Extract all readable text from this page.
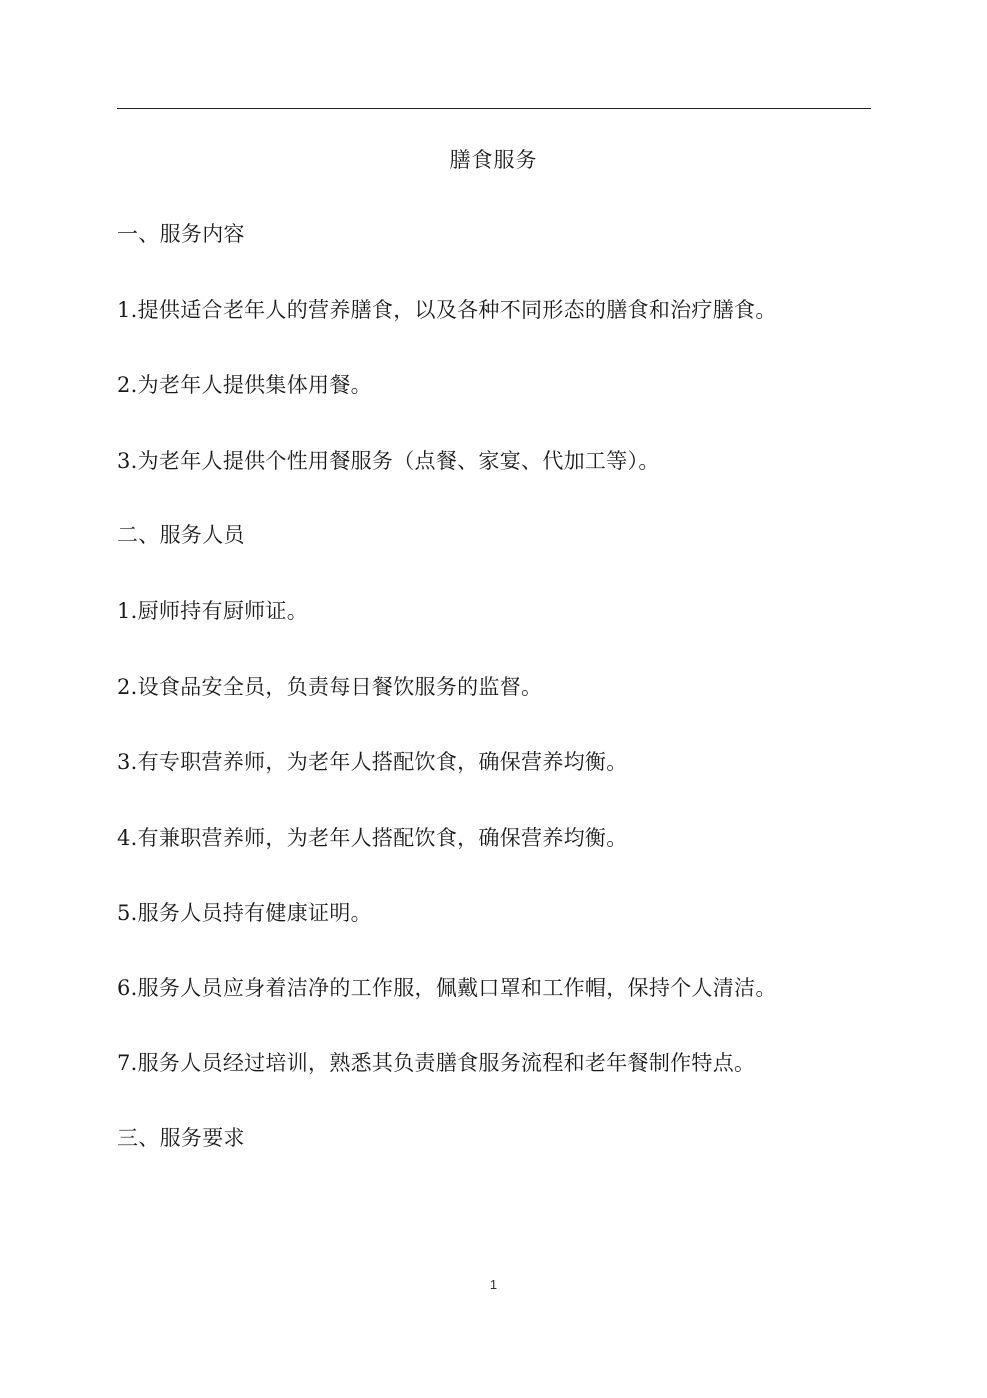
膳食服务
一、服务内容
1.提供适合老年人的营养膳食，以及各种不同形态的膳食和治疗膳食。
2.为老年人提供集体用餐。
3.为老年人提供个性用餐服务（点餐、家宴、代加工等）。
二、服务人员
1.厨师持有厨师证。
2.设食品安全员，负责每日餐饮服务的监督。
3.有专职营养师，为老年人搭配饮食，确保营养均衡。
4.有兼职营养师，为老年人搭配饮食，确保营养均衡。
5.服务人员持有健康证明。
6.服务人员应身着洁净的工作服，佩戴口罩和工作帽，保持个人清洁。
7.服务人员经过培训，熟悉其负责膳食服务流程和老年餐制作特点。
三、服务要求
1
